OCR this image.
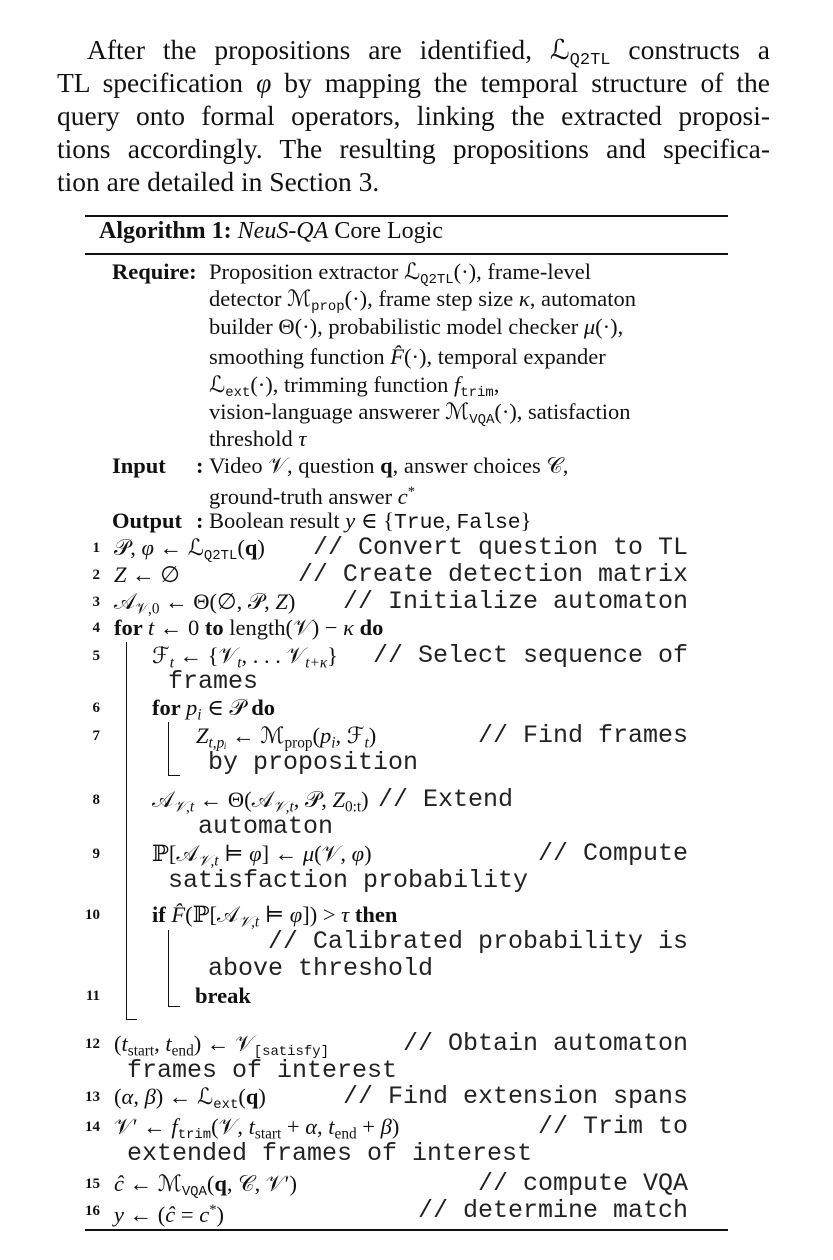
After the propositions are identified, ℒQ2TL constructs a
TL specification φ by mapping the temporal structure of the
query onto formal operators, linking the extracted proposi-
tions accordingly. The resulting propositions and specifica-
tion are detailed in Section 3.
Algorithm 1: NeuS-QA Core Logic
Require: Proposition extractor ℒQ2TL(·), frame-level
detector ℳprop(·), frame step size κ, automaton
builder Θ(·), probabilistic model checker μ(·),
smoothing function F̂(·), temporal expander
ℒext(·), trimming function ftrim,
vision-language answerer ℳVQA(·), satisfaction
threshold τ
Input : Video 𝒱, question q, answer choices 𝒞,
ground-truth answer c*
Output : Boolean result y ∈ {True, False}
1 𝒫, φ ← ℒQ2TL(q) // Convert question to TL
2 Z ← ∅	// Create detection matrix
3 𝒜$_{𝒱,0}$ ← Θ(∅, 𝒫, Z) // Initialize automaton
4 for t ← 0 to length(𝒱) − κ do
5 ℱ$_t$ ← {𝒱$_t$, . . . 𝒱$_{t+\kappa}$} // Select sequence of
frames
6 for $p_i$ ∈ 𝒫 do
7	$Z_{t,pᵢ}$ ← $ℳ_{prop}(p_i$, ℱ$_t$)	// Find frames
by proposition
8 𝒜$_{𝒱,t}$ ← Θ(𝒜$_{𝒱,t}$, 𝒫, $Z_{0:t}$) // Extend
automaton
9 ℙ[𝒜$_{𝒱,t}$ ⊨ φ] ← μ(𝒱, φ)	// Compute
satisfaction probability
10 if F̂(ℙ[𝒜$_{𝒱,t}$ ⊨ φ]) > τ then
// Calibrated probability is
above threshold
11	break
12 ($t_{start}$, $t_{end}$) ← 𝒱[satisfy]	// Obtain automaton
frames of interest
13 (α, β) ← ℒext(q)	// Find extension spans
14 𝒱′ ← ftrim(𝒱, $t_{start} + \alpha$, $t_{end} + \beta$)	// Trim to
extended frames of interest
15 ĉ ← ℳVQA(q, 𝒞, 𝒱′)	// compute VQA
16 y ← (ĉ = c*)	// determine match
